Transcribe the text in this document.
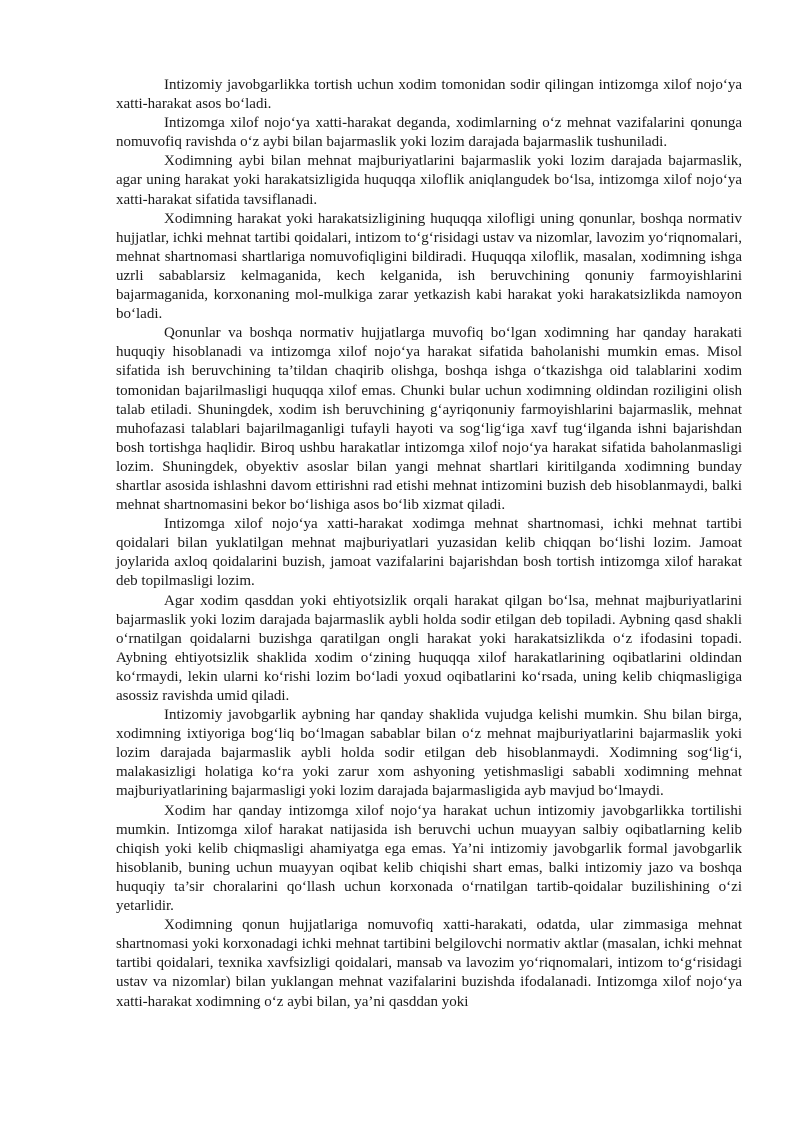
Intizomiy javobgarlikka tortish uchun xodim tomonidan sodir qilingan intizomga xilof nojo‘ya xatti-harakat asos bo‘ladi.

Intizomga xilof nojo‘ya xatti-harakat deganda, xodimlarning o‘z mehnat vazifalarini qonunga nomuvofiq ravishda o‘z aybi bilan bajarmaslik yoki lozim darajada bajarmaslik tushuniladi.

Xodimning aybi bilan mehnat majburiyatlarini bajarmaslik yoki lozim darajada bajarmaslik, agar uning harakat yoki harakatsizligida huquqqa xiloflik aniqlangudek bo‘lsa, intizomga xilof nojo‘ya xatti-harakat sifatida tavsiflanadi.

Xodimning harakat yoki harakatsizligining huquqqa xilofligi uning qonunlar, boshqa normativ hujjatlar, ichki mehnat tartibi qoidalari, intizom to‘g‘risidagi ustav va nizomlar, lavozim yo‘riqnomalari, mehnat shartnomasi shartlariga nomuvofiqligini bildiradi. Huquqqa xiloflik, masalan, xodimning ishga uzrli sabablarsiz kelmaganida, kech kelganida, ish beruvchining qonuniy farmoyishlarini bajarmaganida, korxonaning mol-mulkiga zarar yetkazish kabi harakat yoki harakatsizlikda namoyon bo‘ladi.

Qonunlar va boshqa normativ hujjatlarga muvofiq bo‘lgan xodimning har qanday harakati huquqiy hisoblanadi va intizomga xilof nojo‘ya harakat sifatida baholanishi mumkin emas. Misol sifatida ish beruvchining ta’tildan chaqirib olishga, boshqa ishga o‘tkazishga oid talablarini xodim tomonidan bajarilmasligi huquqqa xilof emas. Chunki bular uchun xodimning oldindan roziligini olish talab etiladi. Shuningdek, xodim ish beruvchining g‘ayriqonuniy farmoyishlarini bajarmaslik, mehnat muhofazasi talablari bajarilmaganligi tufayli hayoti va sog‘lig‘iga xavf tug‘ilganda ishni bajarishdan bosh tortishga haqlidir. Biroq ushbu harakatlar intizomga xilof nojo‘ya harakat sifatida baholanmasligi lozim. Shuningdek, obyektiv asoslar bilan yangi mehnat shartlari kiritilganda xodimning bunday shartlar asosida ishlashni davom ettirishni rad etishi mehnat intizomini buzish deb hisoblanmaydi, balki mehnat shartnomasini bekor bo‘lishiga asos bo‘lib xizmat qiladi.

Intizomga xilof nojo‘ya xatti-harakat xodimga mehnat shartnomasi, ichki mehnat tartibi qoidalari bilan yuklatilgan mehnat majburiyatlari yuzasidan kelib chiqqan bo‘lishi lozim. Jamoat joylarida axloq qoidalarini buzish, jamoat vazifalarini bajarishdan bosh tortish intizomga xilof harakat deb topilmasligi lozim.

Agar xodim qasddan yoki ehtiyotsizlik orqali harakat qilgan bo‘lsa, mehnat majburiyatlarini bajarmaslik yoki lozim darajada bajarmaslik aybli holda sodir etilgan deb topiladi. Aybning qasd shakli o‘rnatilgan qoidalarni buzishga qaratilgan ongli harakat yoki harakatsizlikda o‘z ifodasini topadi. Aybning ehtiyotsizlik shaklida xodim o‘zining huquqqa xilof harakatlarining oqibatlarini oldindan ko‘rmaydi, lekin ularni ko‘rishi lozim bo‘ladi yoxud oqibatlarini ko‘rsada, uning kelib chiqmasligiga asossiz ravishda umid qiladi.

Intizomiy javobgarlik aybning har qanday shaklida vujudga kelishi mumkin. Shu bilan birga, xodimning ixtiyoriga bog‘liq bo‘lmagan sabablar bilan o‘z mehnat majburiyatlarini bajarmaslik yoki lozim darajada bajarmaslik aybli holda sodir etilgan deb hisoblanmaydi. Xodimning sog‘lig‘i, malakasizligi holatiga ko‘ra yoki zarur xom ashyoning yetishmasligi sababli xodimning mehnat majburiyatlarining bajarmasligi yoki lozim darajada bajarmasligida ayb mavjud bo‘lmaydi.

Xodim har qanday intizomga xilof nojo‘ya harakat uchun intizomiy javobgarlikka tortilishi mumkin. Intizomga xilof harakat natijasida ish beruvchi uchun muayyan salbiy oqibatlarning kelib chiqish yoki kelib chiqmasligi ahamiyatga ega emas. Ya’ni intizomiy javobgarlik formal javobgarlik hisoblanib, buning uchun muayyan oqibat kelib chiqishi shart emas, balki intizomiy jazo va boshqa huquqiy ta’sir choralarini qo‘llash uchun korxonada o‘rnatilgan tartib-qoidalar buzilishining o‘zi yetarlidir.

Xodimning qonun hujjatlariga nomuvofiq xatti-harakati, odatda, ular zimmasiga mehnat shartnomasi yoki korxonadagi ichki mehnat tartibini belgilovchi normativ aktlar (masalan, ichki mehnat tartibi qoidalari, texnika xavfsizligi qoidalari, mansab va lavozim yo‘riqnomalari, intizom to‘g‘risidagi ustav va nizomlar) bilan yuklangan mehnat vazifalarini buzishda ifodalanadi. Intizomga xilof nojo‘ya xatti-harakat xodimning o‘z aybi bilan, ya’ni qasddan yoki
